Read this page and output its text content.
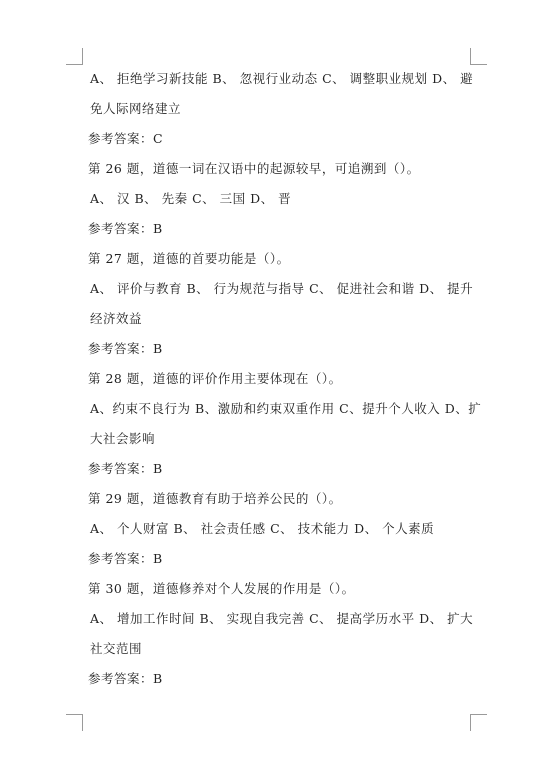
A、 拒绝学习新技能 B、 忽视行业动态 C、 调整职业规划 D、 避
免人际网络建立
参考答案：C
第 26 题，道德一词在汉语中的起源较早，可追溯到（）。
A、 汉 B、 先秦 C、 三国 D、 晋
参考答案：B
第 27 题，道德的首要功能是（）。
A、 评价与教育 B、 行为规范与指导 C、 促进社会和谐 D、 提升
经济效益
参考答案：B
第 28 题，道德的评价作用主要体现在（）。
A、约束不良行为 B、激励和约束双重作用 C、提升个人收入 D、扩
大社会影响
参考答案：B
第 29 题，道德教育有助于培养公民的（）。
A、 个人财富 B、 社会责任感 C、 技术能力 D、 个人素质
参考答案：B
第 30 题，道德修养对个人发展的作用是（）。
A、 增加工作时间 B、 实现自我完善 C、 提高学历水平 D、 扩大
社交范围
参考答案：B
